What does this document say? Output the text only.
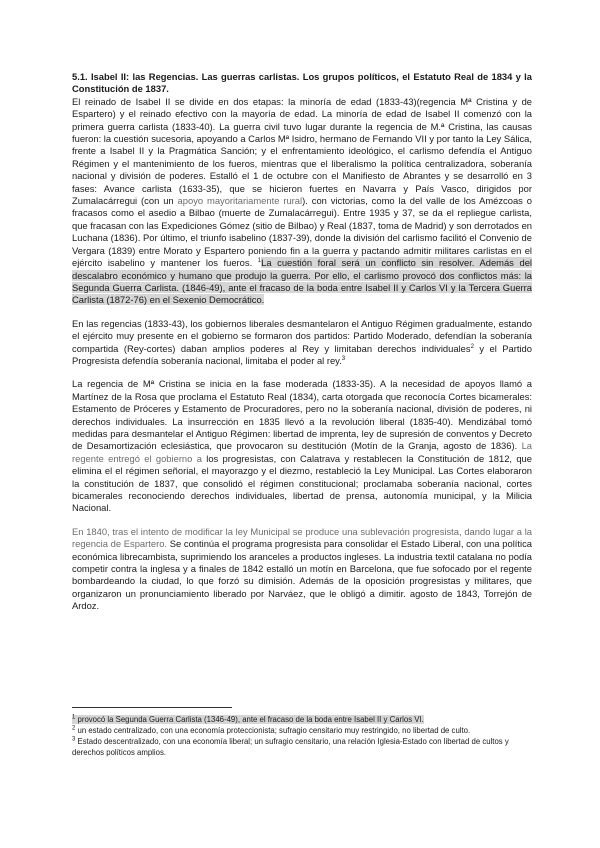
5.1. Isabel II: las Regencias. Las guerras carlistas. Los grupos políticos, el Estatuto Real de 1834 y la Constitución de 1837.

El reinado de Isabel II se divide en dos etapas: la minoría de edad (1833-43)(regencia Mª Cristina y de Espartero) y el reinado efectivo con la mayoría de edad. La minoría de edad de Isabel II comenzó con la primera guerra carlista (1833-40). La guerra civil tuvo lugar durante la regencia de M.ª Cristina, las causas fueron: la cuestión sucesoria, apoyando a Carlos Mª Isidro, hermano de Fernando VII y por tanto la Ley Sálica, frente a Isabel II y la Pragmática Sanción; y el enfrentamiento ideológico, el carlismo defendía el Antiguo Régimen y el mantenimiento de los fueros, mientras que el liberalismo la política centralizadora, soberanía nacional y división de poderes. Estalló el 1 de octubre con el Manifiesto de Abrantes y se desarrolló en 3 fases: Avance carlista (1633-35), que se hicieron fuertes en Navarra y País Vasco, dirigidos por Zumalacárregui (con un apoyo mayoritariamente rural). con victorias, como la del valle de los Amézcoas o fracasos como el asedio a Bilbao (muerte de Zumalacárregui). Entre 1935 y 37, se da el repliegue carlista, que fracasan con las Expediciones Gómez (sitio de Bilbao) y Real (1837, toma de Madrid) y son derrotados en Luchana (1836). Por último, el triunfo isabelino (1837-39), donde la división del carlismo facilitó el Convenio de Vergara (1839) entre Morato y Espartero poniendo fin a la guerra y pactando admitir militares carlistas en el ejército isabelino y mantener los fueros. $^1$La cuestión foral será un conflicto sin resolver. Además del descalabro económico y humano que produjo la guerra. Por ello, el carlismo provocó dos conflictos más: la Segunda Guerra Carlista. (1846-49), ante el fracaso de la boda entre Isabel II y Carlos VI y la Tercera Guerra Carlista (1872-76) en el Sexenio Democrático.

En las regencias (1833-43), los gobiernos liberales desmantelaron el Antiguo Régimen gradualmente, estando el ejército muy presente en el gobierno se formaron dos partidos: Partido Moderado, defendían la soberanía compartida (Rey-cortes) daban amplios poderes al Rey y limitaban derechos individuales$^2$ y el Partido Progresista defendía soberanía nacional, limitaba el poder al rey.$^3$

La regencia de Mª Cristina se inicia en la fase moderada (1833-35). A la necesidad de apoyos llamó a Martínez de la Rosa que proclama el Estatuto Real (1834), carta otorgada que reconocía Cortes bicamerales: Estamento de Próceres y Estamento de Procuradores, pero no la soberanía nacional, división de poderes, ni derechos individuales. La insurrección en 1835 llevó a la revolución liberal (1835-40). Mendizábal tomó medidas para desmantelar el Antiguo Régimen: libertad de imprenta, ley de supresión de conventos y Decreto de Desamortización eclesiástica, que provocaron su destitución (Motín de la Granja, agosto de 1836). La regente entregó el gobierno a los progresistas, con Calatrava y restablecen la Constitución de 1812, que elimina el el régimen señorial, el mayorazgo y el diezmo, restableció la Ley Municipal. Las Cortes elaboraron la constitución de 1837, que consolidó el régimen constitucional; proclamaba soberanía nacional, cortes bicamerales reconociendo derechos individuales, libertad de prensa, autonomía municipal, y la Milicia Nacional.

En 1840, tras el intento de modificar la ley Municipal se produce una sublevación progresista, dando lugar a la regencia de Espartero. Se continúa el programa progresista para consolidar el Estado Liberal, con una política económica librecambista, suprimiendo los aranceles a productos ingleses. La industria textil catalana no podía competir contra la inglesa y a finales de 1842 estalló un motín en Barcelona, que fue sofocado por el regente bombardeando la ciudad, lo que forzó su dimisión. Además de la oposición progresistas y militares, que organizaron un pronunciamiento liberado por Narváez, que le obligó a dimitir. agosto de 1843, Torrejón de Ardoz.

$^1$ provocó la Segunda Guerra Carlista (1346-49), ante el fracaso de la boda entre Isabel II y Carlos VI.

$^2$ un estado centralizado, con una economía proteccionista; sufragio censitario muy restringido, no libertad de culto.

$^3$ Estado descentralizado, con una economía liberal; un sufragio censitario, una relación Iglesia-Estado con libertad de cultos y derechos políticos amplios.
